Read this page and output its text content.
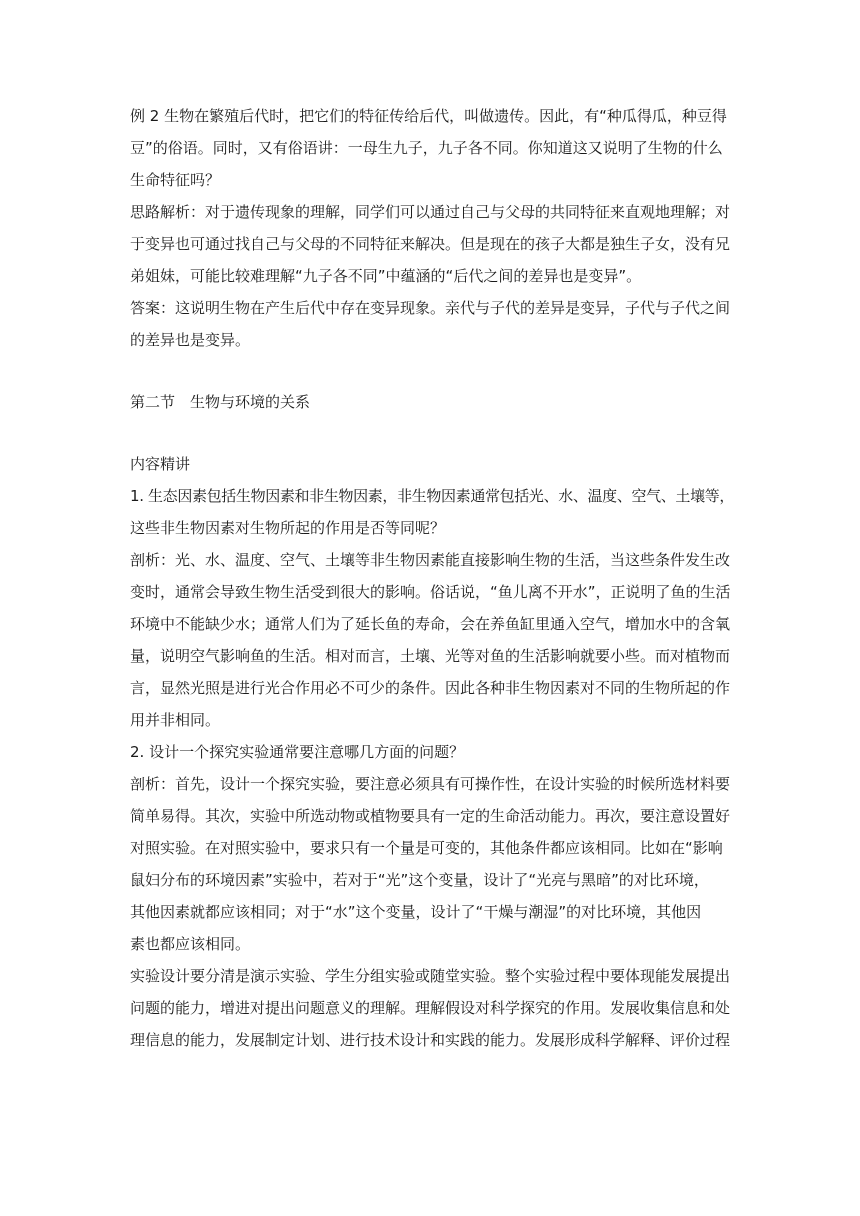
例 2 生物在繁殖后代时，把它们的特征传给后代，叫做遗传。因此，有“种瓜得瓜，种豆得
豆”的俗语。同时，又有俗语讲：一母生九子，九子各不同。你知道这又说明了生物的什么
生命特征吗？
思路解析：对于遗传现象的理解，同学们可以通过自己与父母的共同特征来直观地理解；对
于变异也可通过找自己与父母的不同特征来解决。但是现在的孩子大都是独生子女，没有兄
弟姐妹，可能比较难理解“九子各不同”中蕴涵的“后代之间的差异也是变异”。
答案：这说明生物在产生后代中存在变异现象。亲代与子代的差异是变异，子代与子代之间
的差异也是变异。
第二节　生物与环境的关系
内容精讲
1. 生态因素包括生物因素和非生物因素，非生物因素通常包括光、水、温度、空气、土壤等，
这些非生物因素对生物所起的作用是否等同呢？
剖析：光、水、温度、空气、土壤等非生物因素能直接影响生物的生活，当这些条件发生改
变时，通常会导致生物生活受到很大的影响。俗话说，“鱼儿离不开水”，正说明了鱼的生活
环境中不能缺少水；通常人们为了延长鱼的寿命，会在养鱼缸里通入空气，增加水中的含氧
量，说明空气影响鱼的生活。相对而言，土壤、光等对鱼的生活影响就要小些。而对植物而
言，显然光照是进行光合作用必不可少的条件。因此各种非生物因素对不同的生物所起的作
用并非相同。
2. 设计一个探究实验通常要注意哪几方面的问题？
剖析：首先，设计一个探究实验，要注意必须具有可操作性，在设计实验的时候所选材料要
简单易得。其次，实验中所选动物或植物要具有一定的生命活动能力。再次，要注意设置好
对照实验。在对照实验中，要求只有一个量是可变的，其他条件都应该相同。比如在“影响
鼠妇分布的环境因素”实验中，若对于“光”这个变量，设计了“光亮与黑暗”的对比环境，
其他因素就都应该相同；对于“水”这个变量，设计了“干燥与潮湿”的对比环境，其他因
素也都应该相同。
实验设计要分清是演示实验、学生分组实验或随堂实验。整个实验过程中要体现能发展提出
问题的能力，增进对提出问题意义的理解。理解假设对科学探究的作用。发展收集信息和处
理信息的能力，发展制定计划、进行技术设计和实践的能力。发展形成科学解释、评价过程
